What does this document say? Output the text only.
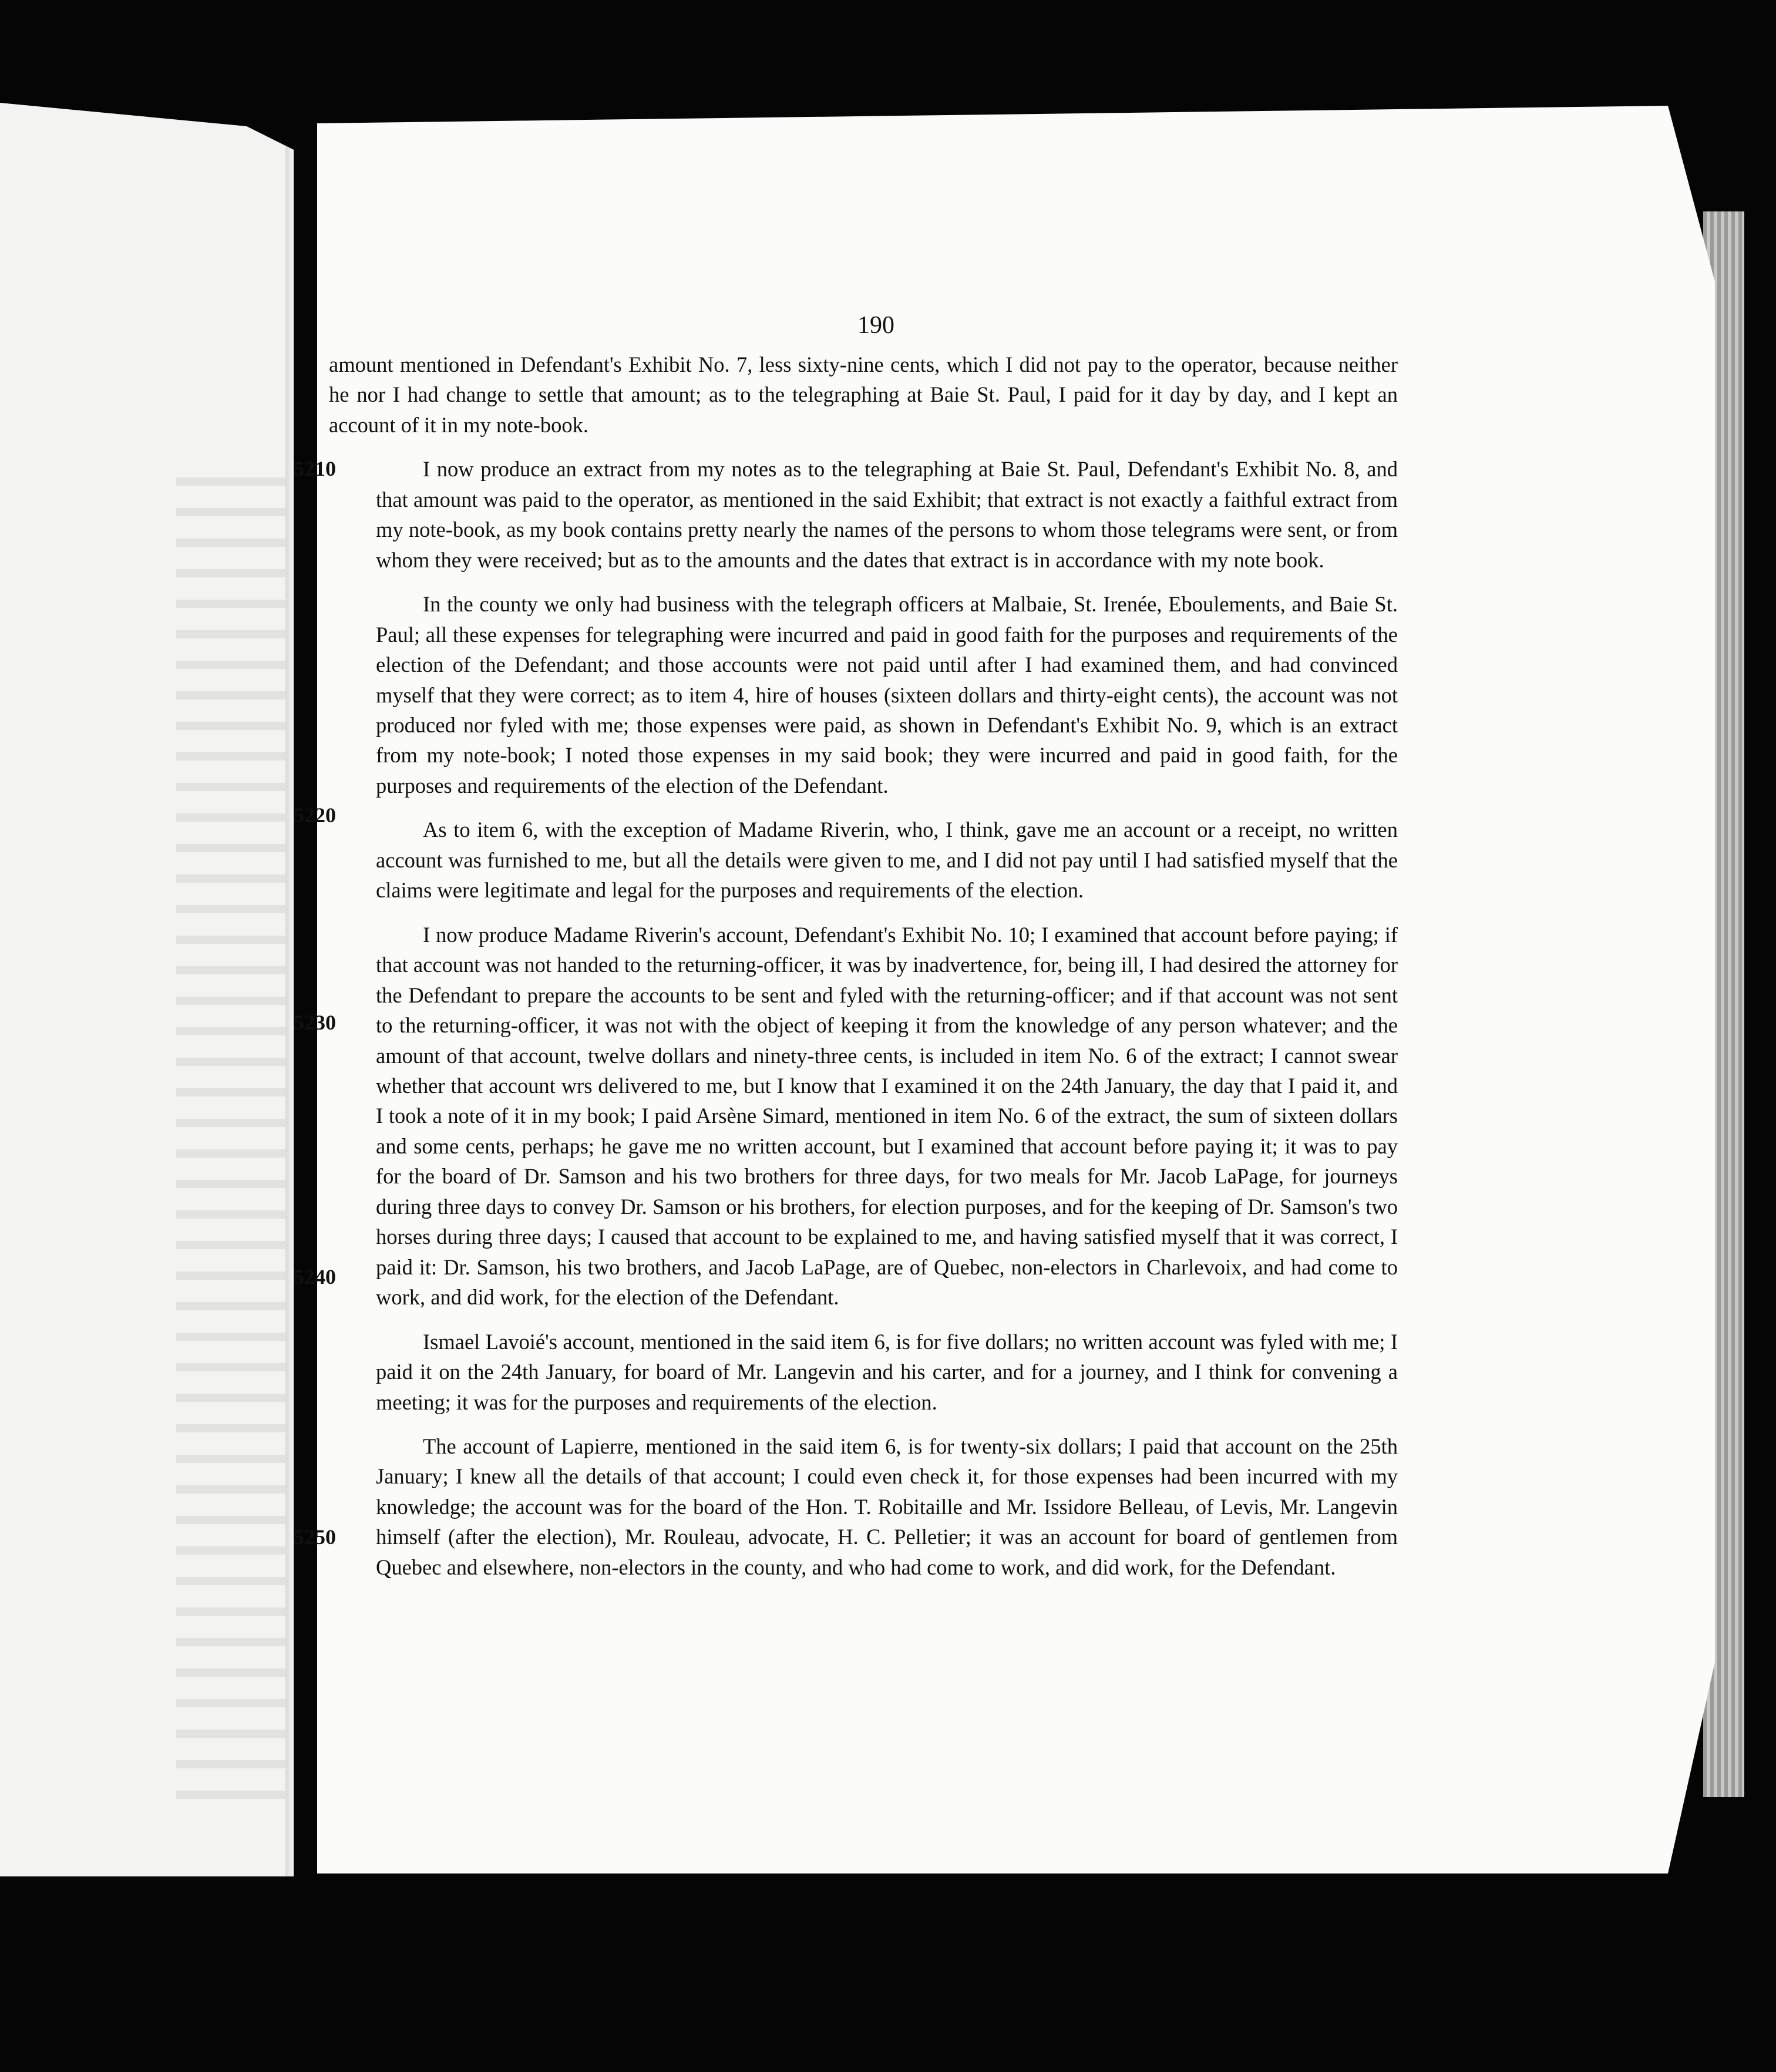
190

amount mentioned in Defendant's Exhibit No. 7, less sixty-nine cents, which I did not pay to the operator, because neither he nor I had change to settle that amount; as to the telegraphing at Baie St. Paul, I paid for it day by day, and I kept an account of it in my note-book.

5210	I now produce an extract from my notes as to the telegraphing at Baie St. Paul, Defendant's Exhibit No. 8, and that amount was paid to the operator, as mentioned in the said Exhibit; that extract is not exactly a faithful extract from my note-book, as my book contains pretty nearly the names of the persons to whom those telegrams were sent, or from whom they were received; but as to the amounts and the dates that extract is in accordance with my note book.

5220
In the county we only had business with the telegraph officers at Malbaie, St. Irenée, Eboulements, and Baie St. Paul; all these expenses for telegraphing were incurred and paid in good faith for the purposes and requirements of the election of the Defendant; and those accounts were not paid until after I had examined them, and had convinced myself that they were correct; as to item 4, hire of houses (sixteen dollars and thirty-eight cents), the account was not produced nor fyled with me; those expenses were paid, as shown in Defendant's Exhibit No. 9, which is an extract from my note-book; I noted those expenses in my said book; they were incurred and paid in good faith, for the purposes and requirements of the election of the Defendant.

As to item 6, with the exception of Madame Riverin, who, I think, gave me an account or a receipt, no written account was furnished to me, but all the details were given to me, and I did not pay until I had satisfied myself that the claims were legitimate and legal for the purposes and requirements of the election.

5230
I now produce Madame Riverin's account, Defendant's Exhibit No. 10; I examined that account before paying; if that account was not handed to the returning-officer, it was by inadvertence, for, being ill, I had desired the attorney for the Defendant to prepare the accounts to be sent and fyled with the returning-officer; and if that account was not sent to the returning-officer, it was not with the object of keeping it from the knowledge of any person whatever; and the amount of that account, twelve dollars and ninety-three cents, is included in item No. 6 of the extract; I cannot swear whether that account wrs delivered to me, but I know that I examined it on the 24th January, the day that I paid it, and I took a note of it in my book; I paid Arsène Simard, mentioned in item No. 6 of the extract, the sum of sixteen dollars and some cents, perhaps; he gave me no written account, but I examined that account before paying it; it was to pay for the board of Dr. Samson and his two brothers for three days, for two meals for Mr. Jacob LaPage, for journeys during three days to convey Dr. Samson or his brothers, for election purposes, and for the keeping of Dr. Samson's two horses during three days; I caused that account to be explained to me, and having satisfied myself that it was correct, I paid it: Dr. Samson, his two brothers, and Jacob LaPage, are of Quebec, non-electors in Charlevoix, and had come to work, and did work, for the election of the Defendant.

5240
Ismael Lavoié's account, mentioned in the said item 6, is for five dollars; no written account was fyled with me; I paid it on the 24th January, for board of Mr. Langevin and his carter, and for a journey, and I think for convening a meeting; it was for the purposes and requirements of the election.

5250
The account of Lapierre, mentioned in the said item 6, is for twenty-six dollars; I paid that account on the 25th January; I knew all the details of that account; I could even check it, for those expenses had been incurred with my knowledge; the account was for the board of the Hon. T. Robitaille and Mr. Issidore Belleau, of Levis, Mr. Langevin himself (after the election), Mr. Rouleau, advocate, H. C. Pelletier; it was an account for board of gentlemen from Quebec and elsewhere, non-electors in the county, and who had come to work, and did work, for the Defendant.
